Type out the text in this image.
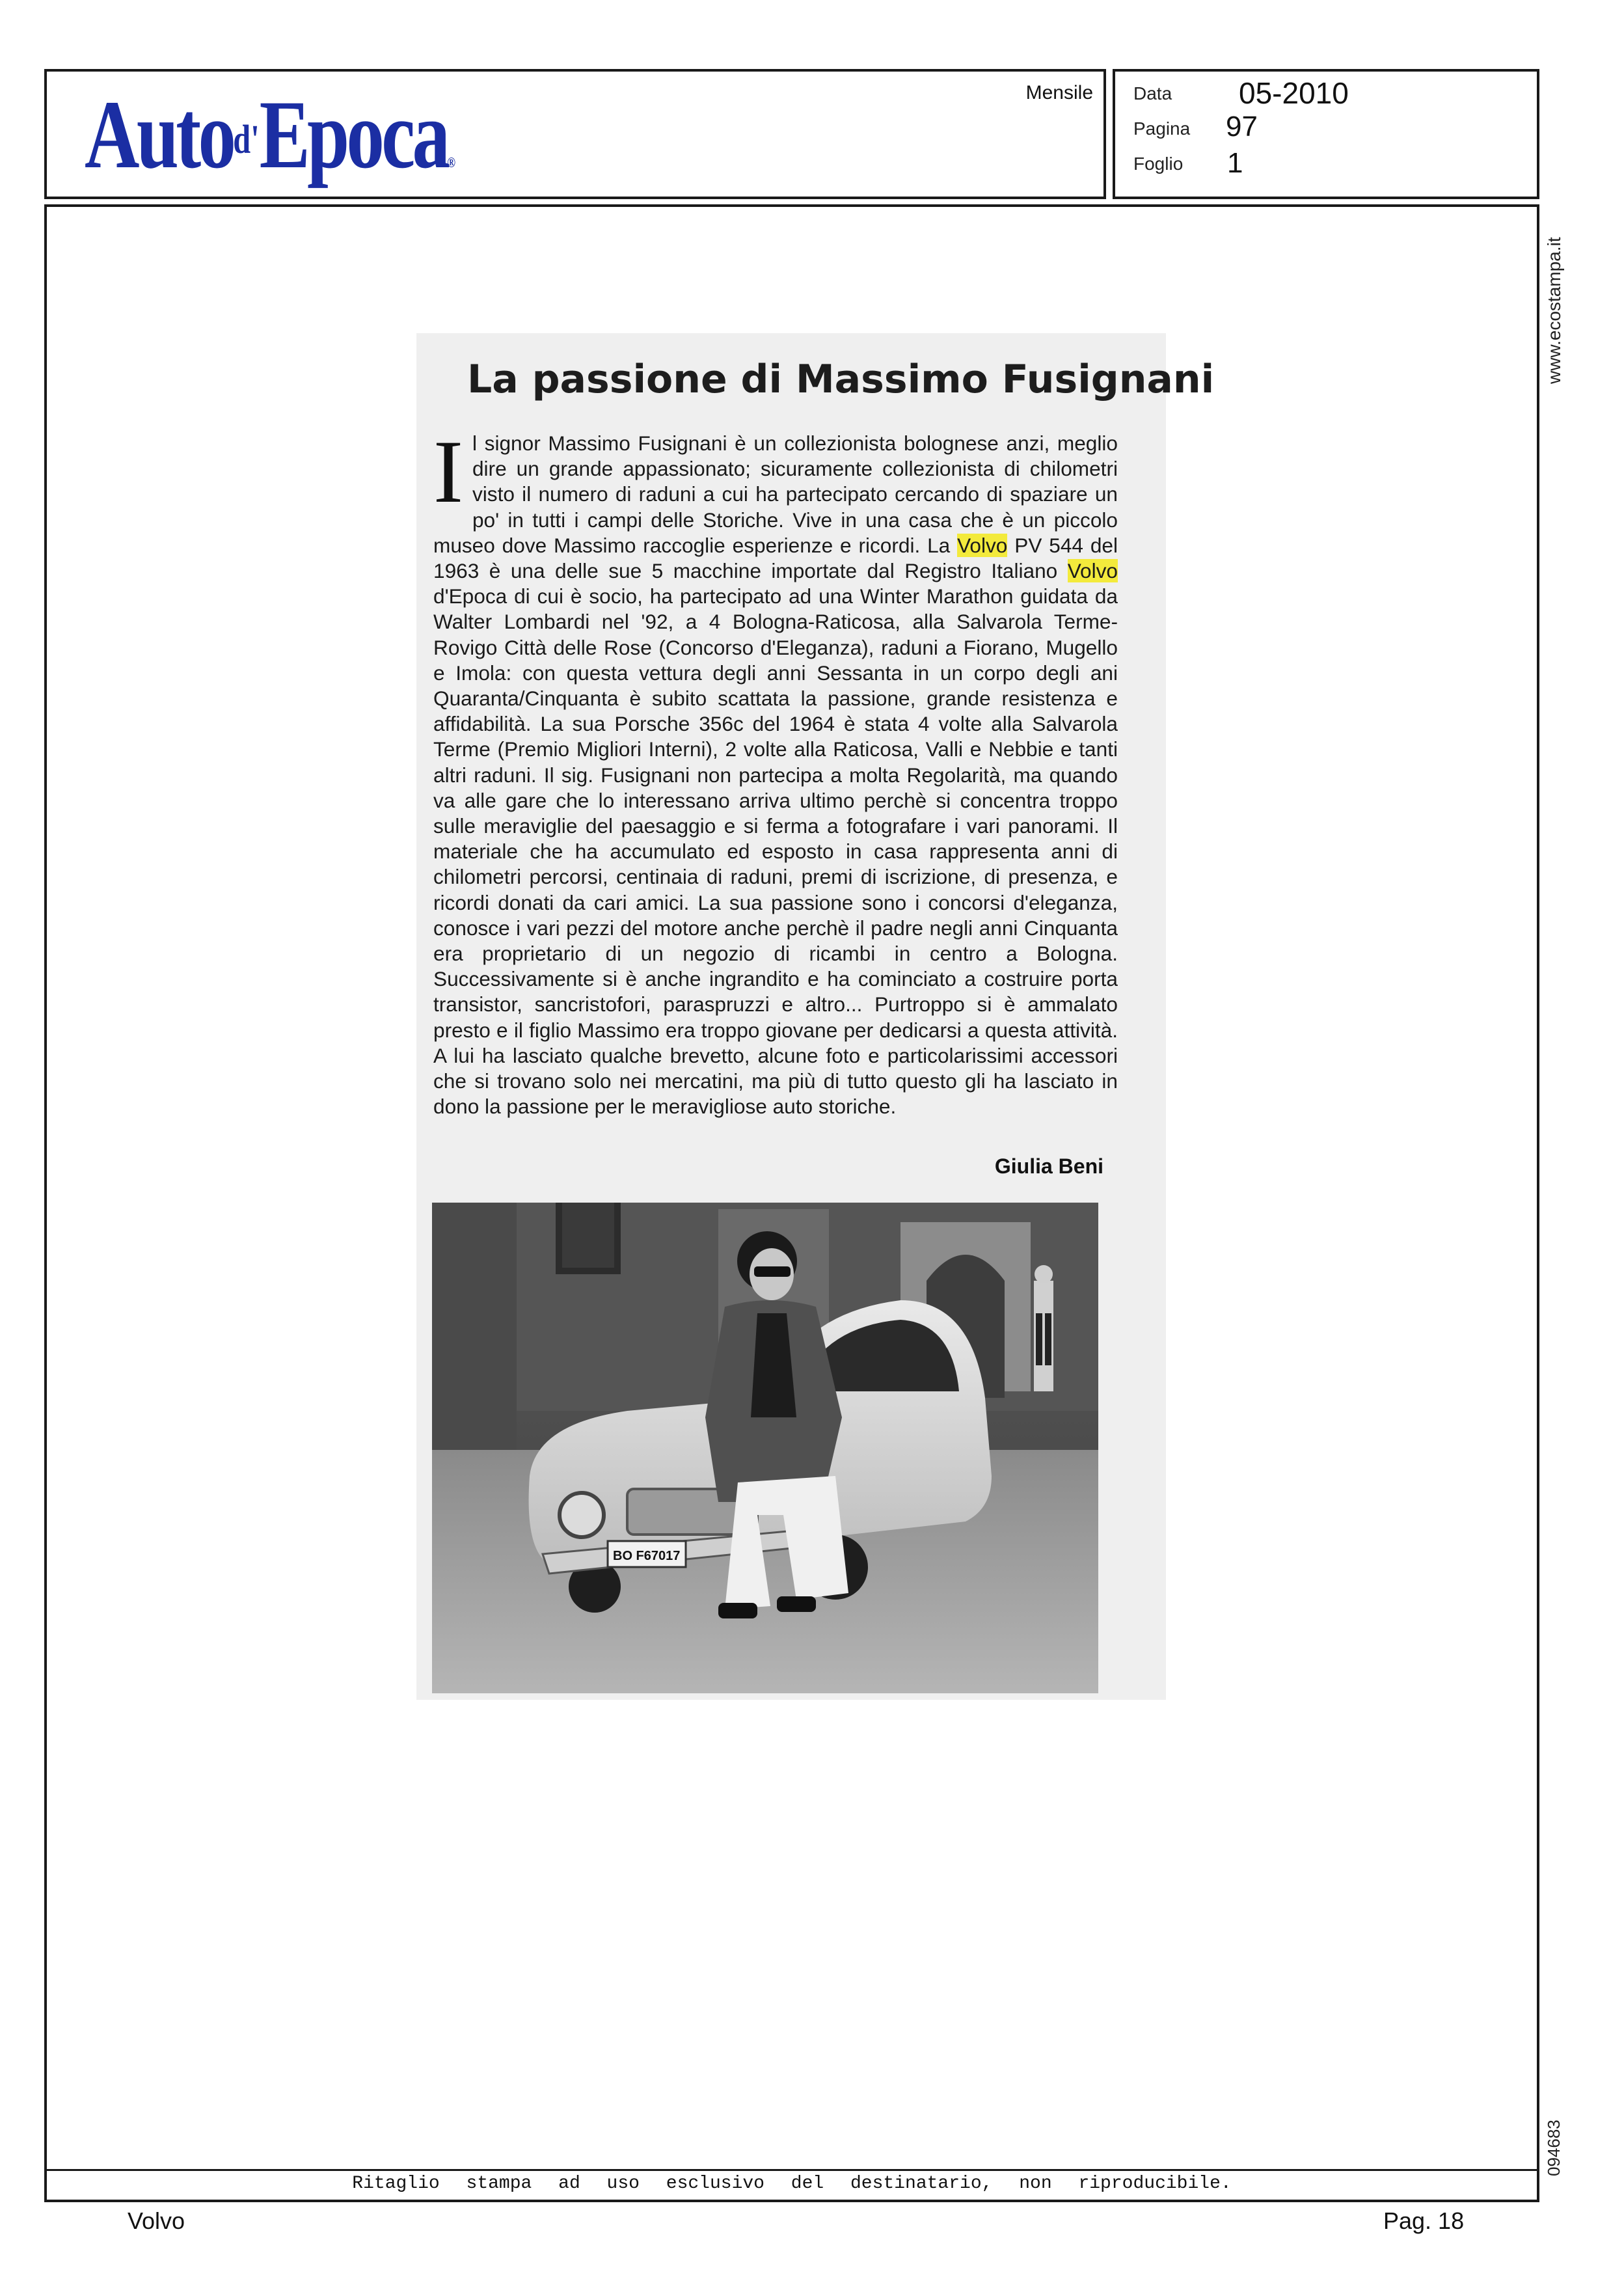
Auto$^{d'}$Epoca®
Mensile Data 05-2010
Pagina 97
Foglio 1
Ritaglio stampa ad uso esclusivo del destinatario, non riproducibile.
www.ecostampa.it
094683
La passione di Massimo Fusignani
Il signor Massimo Fusignani è un collezionista bolognese anzi, meglio dire un grande appassionato; sicuramente collezionista di chilometri visto il numero di raduni a cui ha partecipato cercando di spaziare un po' in tutti i campi delle Storiche. Vive in una casa che è un piccolo museo dove Massimo raccoglie esperienze e ricordi. La Volvo PV 544 del 1963 è una delle sue 5 macchine importate dal Registro Italiano Volvo d'Epoca di cui è socio, ha partecipato ad una Winter Marathon guidata da Walter Lombardi nel '92, a 4 Bologna-Raticosa, alla Salvarola Terme-Rovigo Città delle Rose (Concorso d'Eleganza), raduni a Fiorano, Mugello e Imola: con questa vettura degli anni Sessanta in un corpo degli ani Quaranta/Cinquanta è subito scattata la passione, grande resistenza e affidabilità. La sua Porsche 356c del 1964 è stata 4 volte alla Salvarola Terme (Premio Migliori Interni), 2 volte alla Raticosa, Valli e Nebbie e tanti altri raduni. Il sig. Fusignani non partecipa a molta Regolarità, ma quando va alle gare che lo interessano arriva ultimo perchè si concentra troppo sulle meraviglie del paesaggio e si ferma a fotografare i vari panorami. Il materiale che ha accumulato ed esposto in casa rappresenta anni di chilometri percorsi, centinaia di raduni, premi di iscrizione, di presenza, e ricordi donati da cari amici. La sua passione sono i concorsi d'eleganza, conosce i vari pezzi del motore anche perchè il padre negli anni Cinquanta era proprietario di un negozio di ricambi in centro a Bologna. Successivamente si è anche ingrandito e ha cominciato a costruire porta transistor, sancristofori, paraspruzzi e altro... Purtroppo si è ammalato presto e il figlio Massimo era troppo giovane per dedicarsi a questa attività. A lui ha lasciato qualche brevetto, alcune foto e particolarissimi accessori che si trovano solo nei mercatini, ma più di tutto questo gli ha lasciato in dono la passione per le meravigliose auto storiche.
Giulia Beni
BO F67017
Volvo	Pag. 18
